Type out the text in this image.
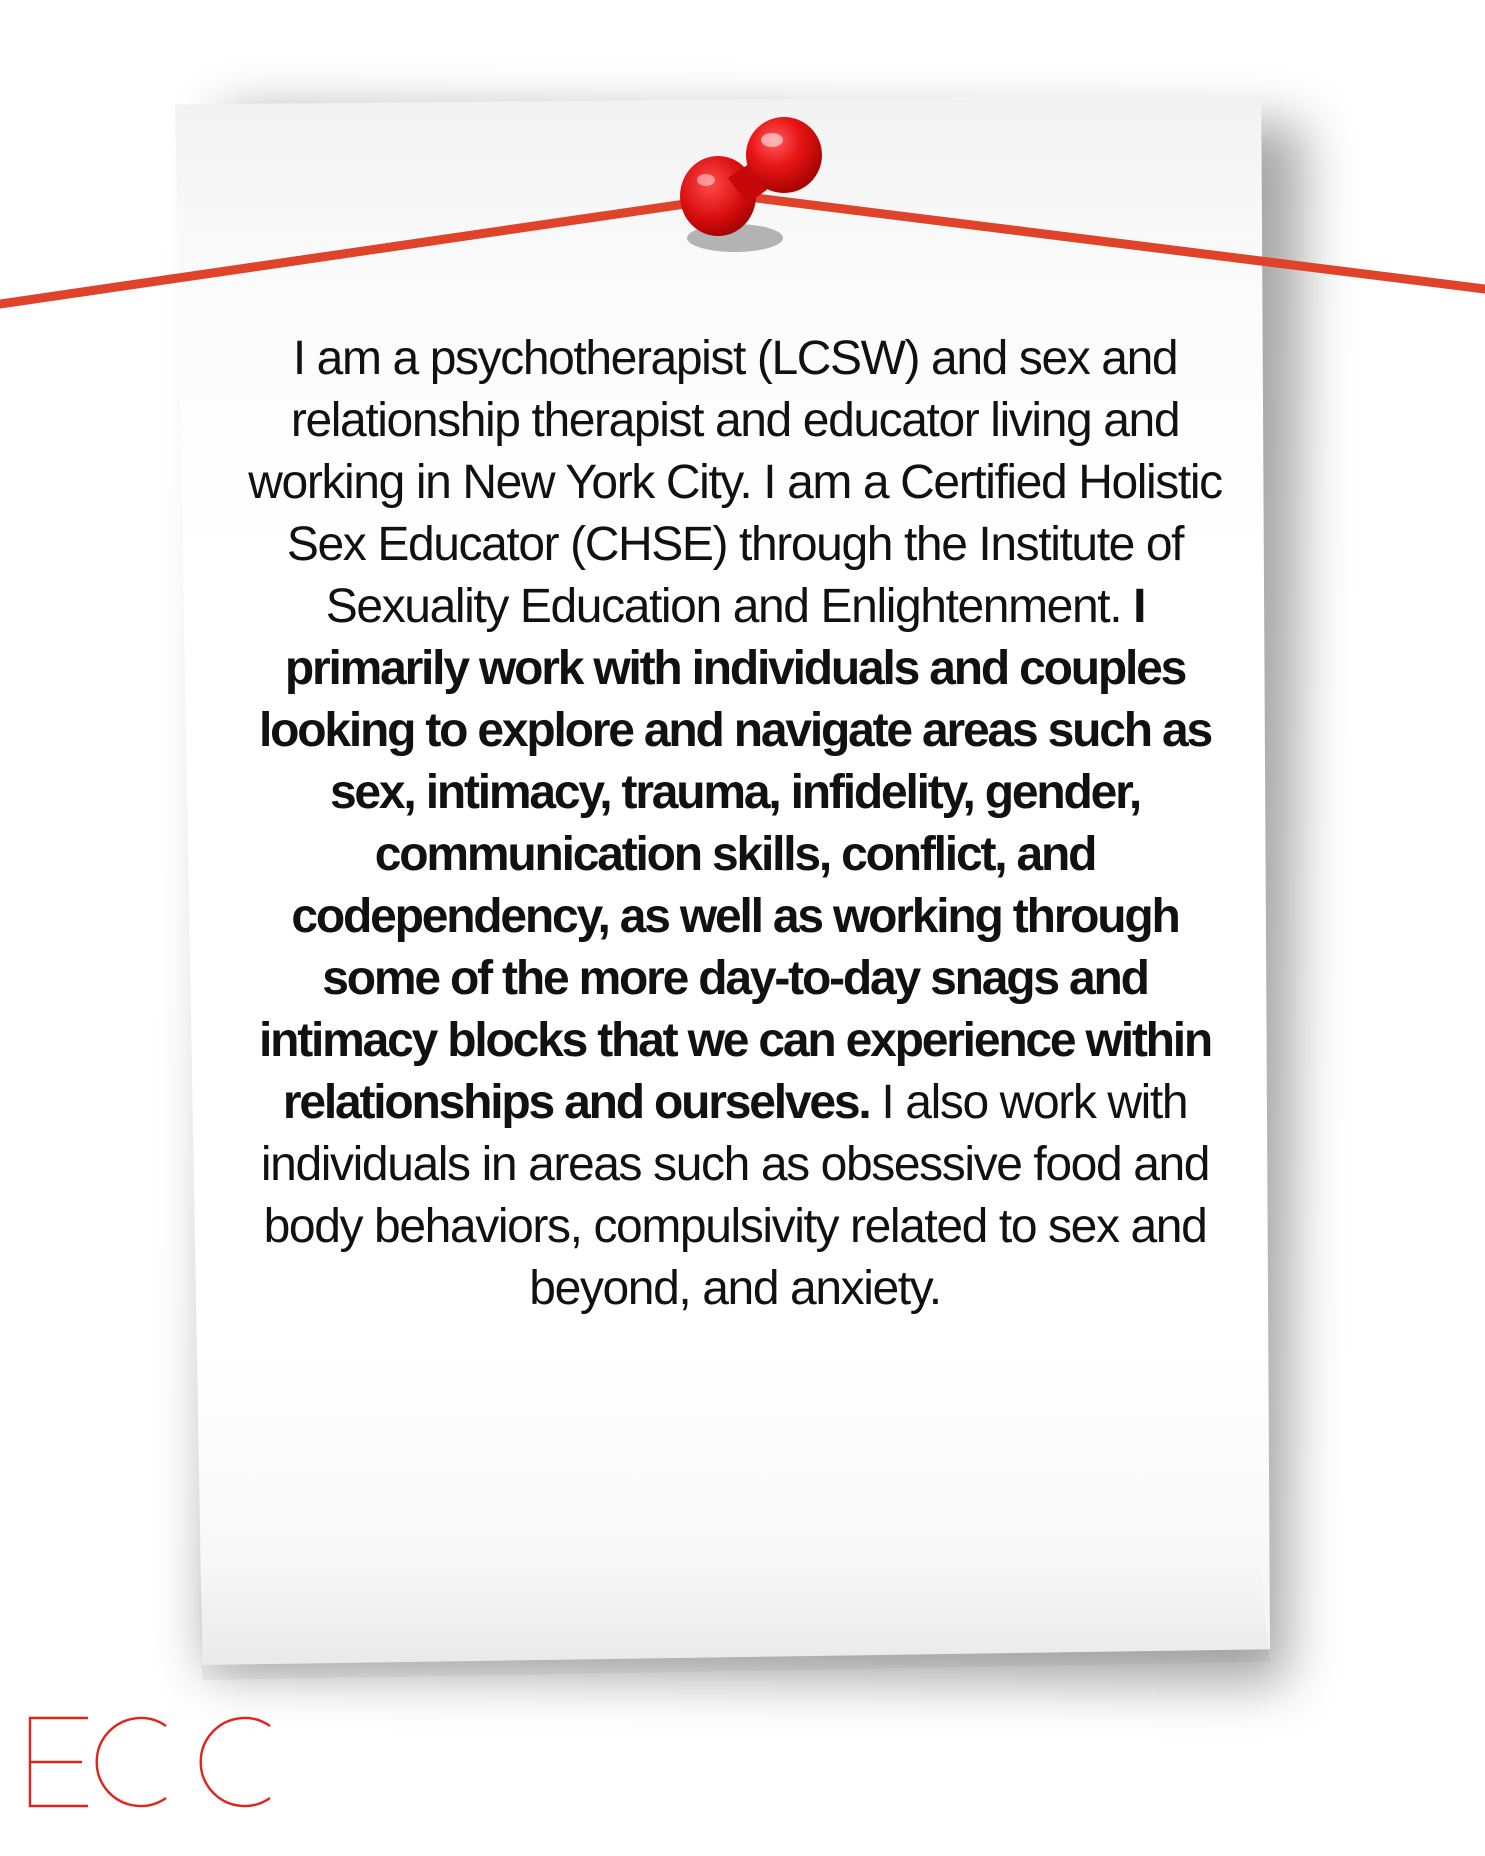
I am a psychotherapist (LCSW) and sex and relationship therapist and educator living and working in New York City. I am a Certified Holistic Sex Educator (CHSE) through the Institute of Sexuality Education and Enlightenment. I primarily work with individuals and couples looking to explore and navigate areas such as sex, intimacy, trauma, infidelity, gender, communication skills, conflict, and codependency, as well as working through some of the more day-to-day snags and intimacy blocks that we can experience within relationships and ourselves. I also work with individuals in areas such as obsessive food and body behaviors, compulsivity related to sex and beyond, and anxiety.
